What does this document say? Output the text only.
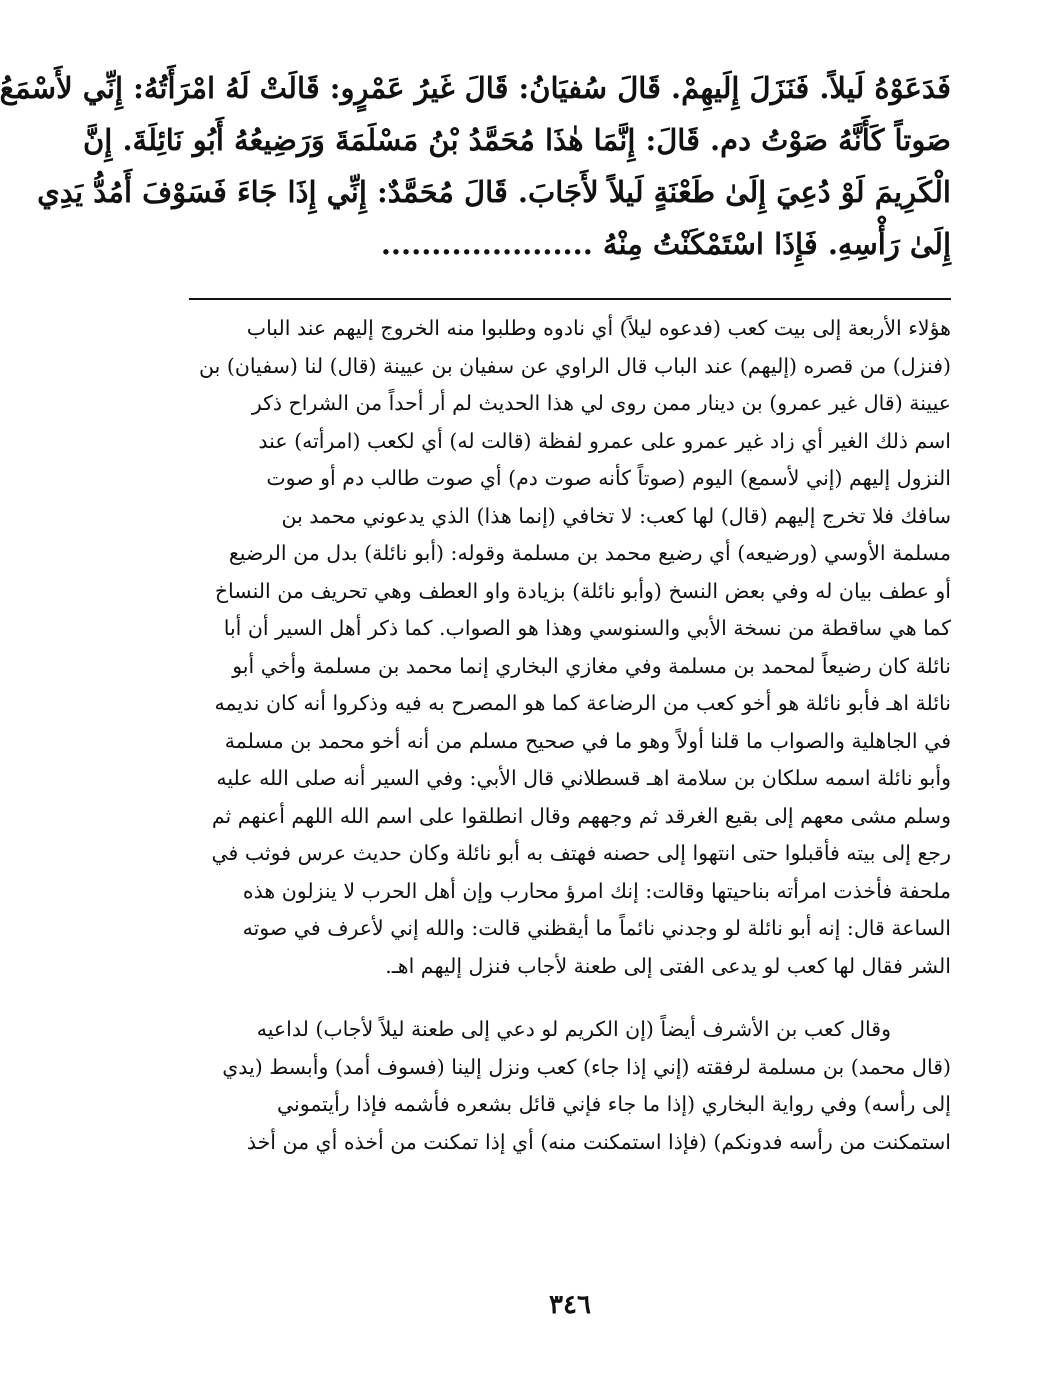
فَدَعَوْهُ لَيلاً. فَنَزَلَ إِلَيهِمْ. قَالَ سُفيَانُ: قَالَ غَيرُ عَمْرٍو: قَالَتْ لَهُ امْرَأَتُهُ: إِنِّي لأَسْمَعُ
صَوتاً كَأَنَّهُ صَوْتُ دم. قَالَ: إِنَّمَا هٰذَا مُحَمَّدُ بْنُ مَسْلَمَةَ وَرَضِيعُهُ أَبُو نَائِلَةَ. إِنَّ
الْكَرِيمَ لَوْ دُعِيَ إِلَىٰ طَعْنَةٍ لَيلاً لأَجَابَ. قَالَ مُحَمَّدٌ: إِنِّي إِذَا جَاءَ فَسَوْفَ أَمُدُّ يَدِي
إِلَىٰ رَأْسِهِ. فَإِذَا اسْتَمْكَنْتُ مِنْهُ .....................
هؤلاء الأربعة إلى بيت كعب (فدعوه ليلاً) أي نادوه وطلبوا منه الخروج إليهم عند الباب
(فنزل) من قصره (إليهم) عند الباب قال الراوي عن سفيان بن عيينة (قال) لنا (سفيان) بن
عيينة (قال غير عمرو) بن دينار ممن روى لي هذا الحديث لم أر أحداً من الشراح ذكر
اسم ذلك الغير أي زاد غير عمرو على عمرو لفظة (قالت له) أي لكعب (امرأته) عند
النزول إليهم (إني لأسمع) اليوم (صوتاً كأنه صوت دم) أي صوت طالب دم أو صوت
سافك فلا تخرج إليهم (قال) لها كعب: لا تخافي (إنما هذا) الذي يدعوني محمد بن
مسلمة الأوسي (ورضيعه) أي رضيع محمد بن مسلمة وقوله: (أبو نائلة) بدل من الرضيع
أو عطف بيان له وفي بعض النسخ (وأبو نائلة) بزيادة واو العطف وهي تحريف من النساخ
كما هي ساقطة من نسخة الأبي والسنوسي وهذا هو الصواب. كما ذكر أهل السير أن أبا
نائلة كان رضيعاً لمحمد بن مسلمة وفي مغازي البخاري إنما محمد بن مسلمة وأخي أبو
نائلة اهـ فأبو نائلة هو أخو كعب من الرضاعة كما هو المصرح به فيه وذكروا أنه كان نديمه
في الجاهلية والصواب ما قلنا أولاً وهو ما في صحيح مسلم من أنه أخو محمد بن مسلمة
وأبو نائلة اسمه سلكان بن سلامة اهـ قسطلاني قال الأبي: وفي السير أنه صلى الله عليه
وسلم مشى معهم إلى بقيع الغرقد ثم وجههم وقال انطلقوا على اسم الله اللهم أعنهم ثم
رجع إلى بيته فأقبلوا حتى انتهوا إلى حصنه فهتف به أبو نائلة وكان حديث عرس فوثب في
ملحفة فأخذت امرأته بناحيتها وقالت: إنك امرؤ محارب وإن أهل الحرب لا ينزلون هذه
الساعة قال: إنه أبو نائلة لو وجدني نائماً ما أيقظني قالت: والله إني لأعرف في صوته
الشر فقال لها كعب لو يدعى الفتى إلى طعنة لأجاب فنزل إليهم اهـ.
وقال كعب بن الأشرف أيضاً (إن الكريم لو دعي إلى طعنة ليلاً لأجاب) لداعيه
(قال محمد) بن مسلمة لرفقته (إني إذا جاء) كعب ونزل إلينا (فسوف أمد) وأبسط (يدي
إلى رأسه) وفي رواية البخاري (إذا ما جاء فإني قائل بشعره فأشمه فإذا رأيتموني
استمكنت من رأسه فدونكم) (فإذا استمكنت منه) أي إذا تمكنت من أخذه أي من أخذ
٣٤٦
